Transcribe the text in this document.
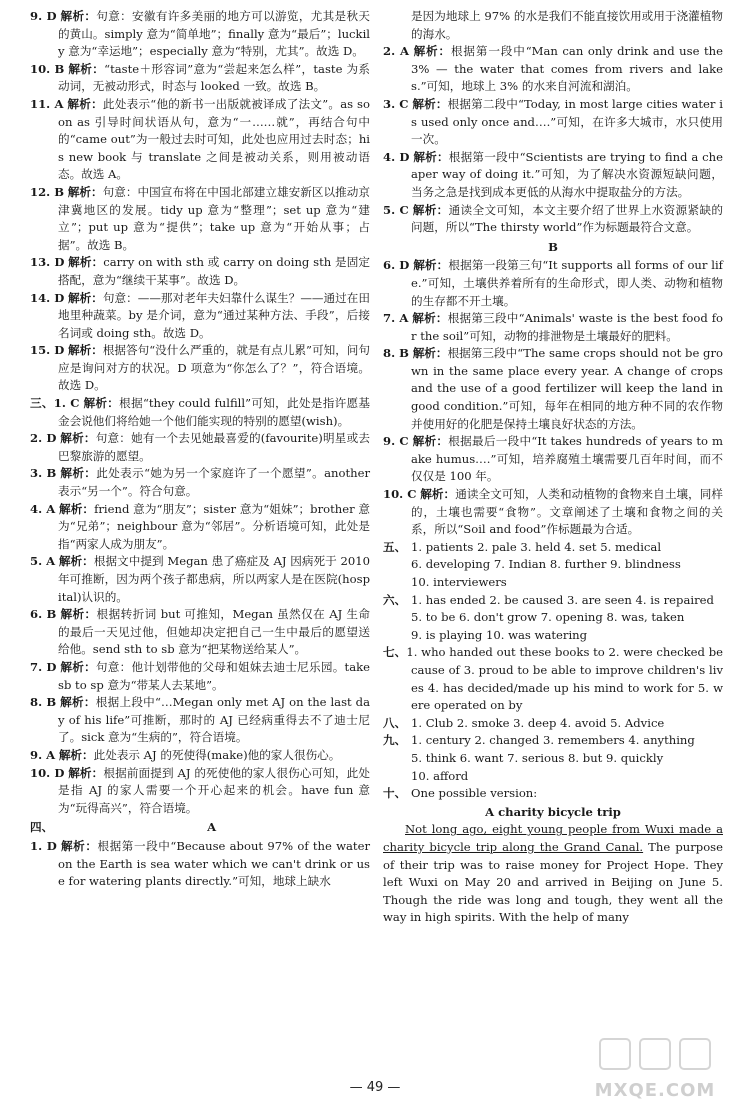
9. D 解析：句意：安徽有许多美丽的地方可以游览，尤其是秋天的黄山。simply 意为“简单地”；finally 意为“最后”；luckily 意为“幸运地”；especially 意为“特别，尤其”。故选 D。

10. B 解析：“taste＋形容词”意为“尝起来怎么样”，taste 为系动词，无被动形式，时态与 looked 一致。故选 B。

11. A 解析：此处表示“他的新书一出版就被译成了法文”。as soon as 引导时间状语从句，意为“一……就”，再结合句中的“came out”为一般过去时可知，此处也应用过去时态；his new book 与 translate 之间是被动关系，则用被动语态。故选 A。

12. B 解析：句意：中国宣布将在中国北部建立雄安新区以推动京津冀地区的发展。tidy up 意为“整理”；set up 意为“建立”；put up 意为“提供”；take up 意为“开始从事；占据”。故选 B。

13. D 解析：carry on with sth 或 carry on doing sth 是固定搭配，意为“继续干某事”。故选 D。

14. D 解析：句意：——那对老年夫妇靠什么谋生？——通过在田地里种蔬菜。by 是介词，意为“通过某种方法、手段”，后接名词或 doing sth。故选 D。

15. D 解析：根据答句“没什么严重的，就是有点儿累”可知，问句应是询问对方的状况。D 项意为“你怎么了？”，符合语境。故选 D。

三、1. C 解析：根据“they could fulfill”可知，此处是指许愿基金会说他们将给她一个他们能实现的特别的愿望(wish)。

2. D 解析：句意：她有一个去见她最喜爱的(favourite)明星或去巴黎旅游的愿望。

3. B 解析：此处表示“她为另一个家庭许了一个愿望”。another 表示“另一个”。符合句意。

4. A 解析：friend 意为“朋友”；sister 意为“姐妹”；brother 意为“兄弟”；neighbour 意为“邻居”。分析语境可知，此处是指“两家人成为朋友”。

5. A 解析：根据文中提到 Megan 患了癌症及 AJ 因病死于 2010 年可推断，因为两个孩子都患病，所以两家人是在医院(hospital)认识的。

6. B 解析：根据转折词 but 可推知，Megan 虽然仅在 AJ 生命的最后一天见过他，但她却决定把自己一生中最后的愿望送给他。send sth to sb 意为“把某物送给某人”。

7. D 解析：句意：他计划带他的父母和姐妹去迪士尼乐园。take sb to sp 意为“带某人去某地”。

8. B 解析：根据上段中“…Megan only met AJ on the last day of his life”可推断，那时的 AJ 已经病重得去不了迪士尼了。sick 意为“生病的”，符合语境。

9. A 解析：此处表示 AJ 的死使得(make)他的家人很伤心。

10. D 解析：根据前面提到 AJ 的死使他的家人很伤心可知，此处是指 AJ 的家人需要一个开心起来的机会。have fun 意为“玩得高兴”，符合语境。

四、	A

1. D 解析：根据第一段中“Because about 97% of the water on the Earth is sea water which we can't drink or use for watering plants directly.”可知，地球上缺水

是因为地球上 97% 的水是我们不能直接饮用或用于浇灌植物的海水。

2. A 解析：根据第一段中“Man can only drink and use the 3% — the water that comes from rivers and lakes.”可知，地球上 3% 的水来自河流和湖泊。

3. C 解析：根据第二段中“Today, in most large cities water is used only once and….”可知，在许多大城市，水只使用一次。

4. D 解析：根据第一段中“Scientists are trying to find a cheaper way of doing it.”可知，为了解决水资源短缺问题，当务之急是找到成本更低的从海水中提取盐分的方法。

5. C 解析：通读全文可知，本文主要介绍了世界上水资源紧缺的问题，所以“The thirsty world”作为标题最符合文意。

B

6. D 解析：根据第一段第三句“It supports all forms of our life.”可知，土壤供养着所有的生命形式，即人类、动物和植物的生存都不开土壤。

7. A 解析：根据第三段中“Animals' waste is the best food for the soil”可知，动物的排泄物是土壤最好的肥料。

8. B 解析：根据第三段中“The same crops should not be grown in the same place every year. A change of crops and the use of a good fertilizer will keep the land in good condition.”可知，每年在相同的地方种不同的农作物并使用好的化肥是保持土壤良好状态的方法。

9. C 解析：根据最后一段中“It takes hundreds of years to make humus….”可知，培养腐殖土壤需要几百年时间，而不仅仅是 100 年。

10. C 解析：通读全文可知，人类和动植物的食物来自土壤，同样的，土壤也需要“食物”。文章阐述了土壤和食物之间的关系，所以“Soil and food”作标题最为合适。

五、 1. patients 2. pale 3. held 4. set 5. medical

6. developing 7. Indian 8. further 9. blindness

10. interviewers

六、 1. has ended 2. be caused 3. are seen 4. is repaired

5. to be 6. don't grow 7. opening 8. was, taken

9. is playing 10. was watering

七、1. who handed out these books to 2. were checked because of 3. proud to be able to improve children's lives 4. has decided/made up his mind to work for 5. were operated on by

八、 1. Club 2. smoke 3. deep 4. avoid 5. Advice

九、 1. century 2. changed 3. remembers 4. anything

5. think 6. want 7. serious 8. but 9. quickly

10. afford

十、 One possible version:

A charity bicycle trip

Not long ago, eight young people from Wuxi made a charity bicycle trip along the Grand Canal. The purpose of their trip was to raise money for Project Hope. They left Wuxi on May 20 and arrived in Beijing on June 5. Though the ride was long and tough, they went all the way in high spirits. With the help of many

— 49 —	MXQE.COM
